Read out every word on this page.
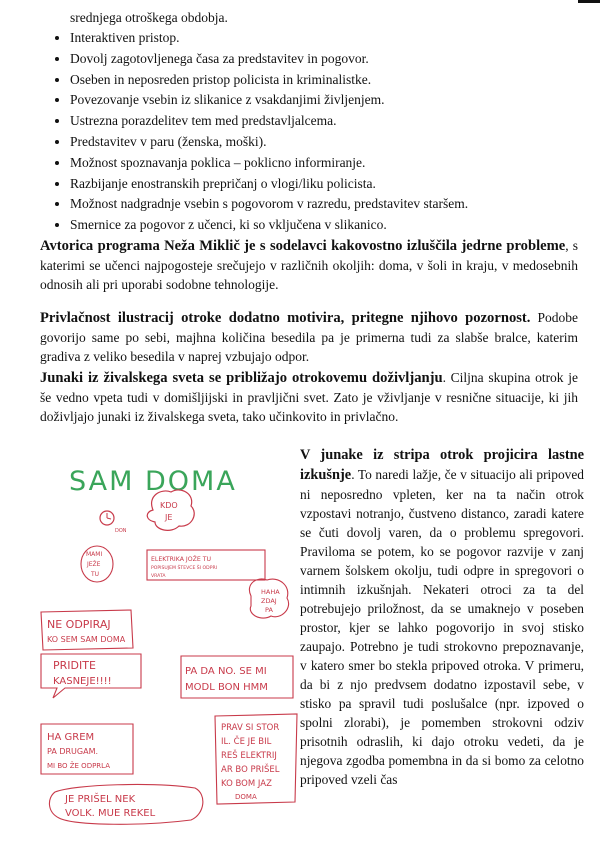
srednjega otroškega obdobja.

• Interaktiven pristop.
• Dovolj zagotovljenega časa za predstavitev in pogovor.
• Oseben in neposreden pristop policista in kriminalistke.
• Povezovanje vsebin iz slikanice z vsakdanjimi življenjem.
• Ustrezna porazdelitev tem med predstavljalcema.
• Predstavitev v paru (ženska, moški).
• Možnost spoznavanja poklica – poklicno informiranje.
• Razbijanje enostranskih prepričanj o vlogi/liku policista.
• Možnost nadgradnje vsebin s pogovorom v razredu, predstavitev staršem.
• Smernice za pogovor z učenci, ki so vključena v slikanico.

Avtorica programa Neža Miklič je s sodelavci kakovostno izluščila jedrne probleme, s katerimi se učenci najpogosteje srečujejo v različnih okoljih: doma, v šoli in kraju, v medosebnih odnosih ali pri uporabi sodobne tehnologije.

Privlačnost ilustracij otroke dodatno motivira, pritegne njihovo pozornost. Podobe govorijo same po sebi, majhna količina besedila pa je primerna tudi za slabše bralce, katerim gradiva z veliko besedila v naprej vzbujajo odpor.

Junaki iz živalskega sveta se približajo otrokovemu doživljanju. Ciljna skupina otrok je še vedno vpeta tudi v domišljijski in pravljični svet. Zato je vživljanje v resnične situacije, ki jih doživljajo junaki iz živalskega sveta, tako učinkovito in privlačno.

SAM DOMA
KDO
JE
DON
MAMI
JEŽE
TU
ELEKTRIKA JOŽE TU
POPISUJEM ŠTEVCE ŠI ODPRI
VRATA
HAHA
ZDAJ
PA
NE ODPIRAJ
KO SEM SAM DOMA
PRIDITE
KASNEJE!!!!
PA DA NO. SE MI
MODL BON HMM
HA GREM
PA DRUGAM.
MI BO ŽE ODPRLA
PRAV SI STOR
IL. ČE JE BIL
REŠ ELEKTRIJ
AR BO PRIŠEL
KO BOM JAZ
DOMA
JE PRIŠEL NEK
VOLK. MUE REKEL

V junake iz stripa otrok projicira lastne izkušnje. To naredi lažje, če v situacijo ali pripoved ni neposredno vpleten, ker na ta način otrok vzpostavi notranjo, čustveno distanco, zaradi katere se čuti dovolj varen, da o problemu spregovori. Praviloma se potem, ko se pogovor razvije v zanj varnem šolskem okolju, tudi odpre in spregovori o intimnih izkušnjah. Nekateri otroci za ta del potrebujejo priložnost, da se umaknejo v poseben prostor, kjer se lahko pogovorijo in svoj stisko zaupajo. Potrebno je tudi strokovno prepoznavanje, v katero smer bo stekla pripoved otroka. V primeru, da bi z njo predvsem dodatno izpostavil sebe, v stisko pa spravil tudi poslušalce (npr. izpoved o spolni zlorabi), je pomemben strokovni odziv prisotnih odraslih, ki dajo otroku vedeti, da je njegova zgodba pomembna in da si bomo za celotno pripoved vzeli čas
